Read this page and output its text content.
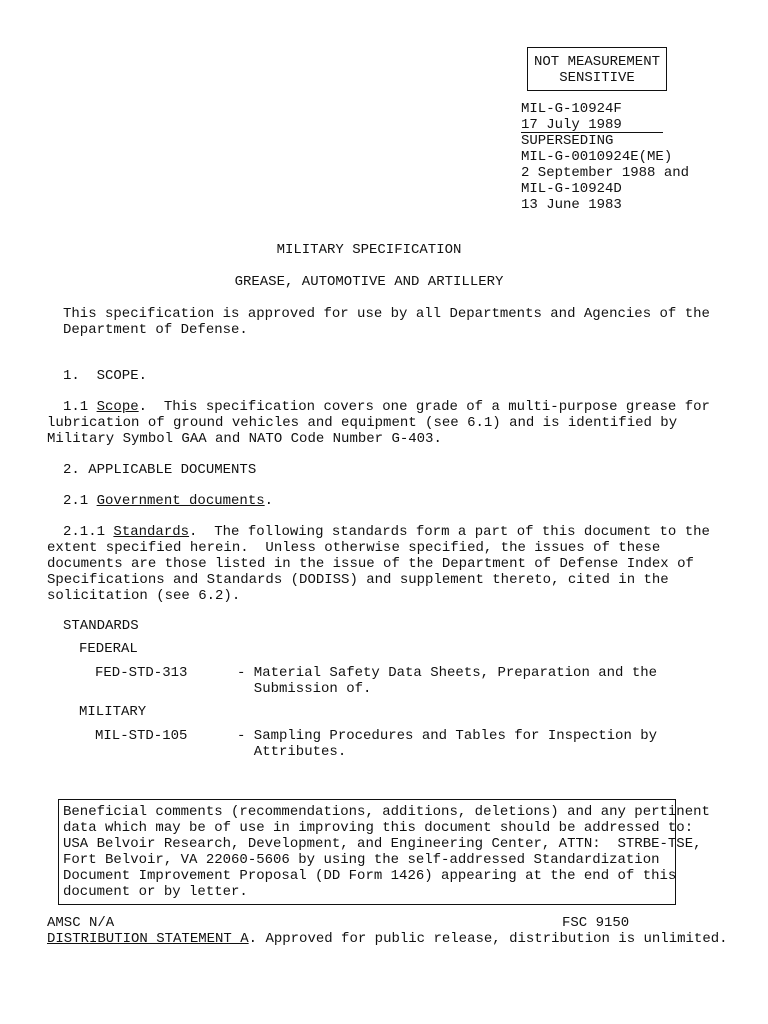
NOT MEASUREMENT
SENSITIVE
MIL-G-10924F
17 July 1989
SUPERSEDING
MIL-G-0010924E(ME)
2 September 1988 and
MIL-G-10924D
13 June 1983
MILITARY SPECIFICATION
GREASE, AUTOMOTIVE AND ARTILLERY
This specification is approved for use by all Departments and Agencies of the
Department of Defense.
1.  SCOPE.
1.1 Scope.  This specification covers one grade of a multi-purpose grease for
lubrication of ground vehicles and equipment (see 6.1) and is identified by
Military Symbol GAA and NATO Code Number G-403.
2. APPLICABLE DOCUMENTS
2.1 Government documents.
2.1.1 Standards.  The following standards form a part of this document to the
extent specified herein.  Unless otherwise specified, the issues of these
documents are those listed in the issue of the Department of Defense Index of
Specifications and Standards (DODISS) and supplement thereto, cited in the
solicitation (see 6.2).
STANDARDS
FEDERAL
FED-STD-313	- Material Safety Data Sheets, Preparation and the
Submission of.
MILITARY
MIL-STD-105	- Sampling Procedures and Tables for Inspection by
Attributes.
Beneficial comments (recommendations, additions, deletions) and any pertinent
data which may be of use in improving this document should be addressed to:
USA Belvoir Research, Development, and Engineering Center, ATTN:  STRBE-TSE,
Fort Belvoir, VA 22060-5606 by using the self-addressed Standardization
Document Improvement Proposal (DD Form 1426) appearing at the end of this
document or by letter.
AMSC N/A	FSC 9150
DISTRIBUTION STATEMENT A. Approved for public release, distribution is unlimited.
